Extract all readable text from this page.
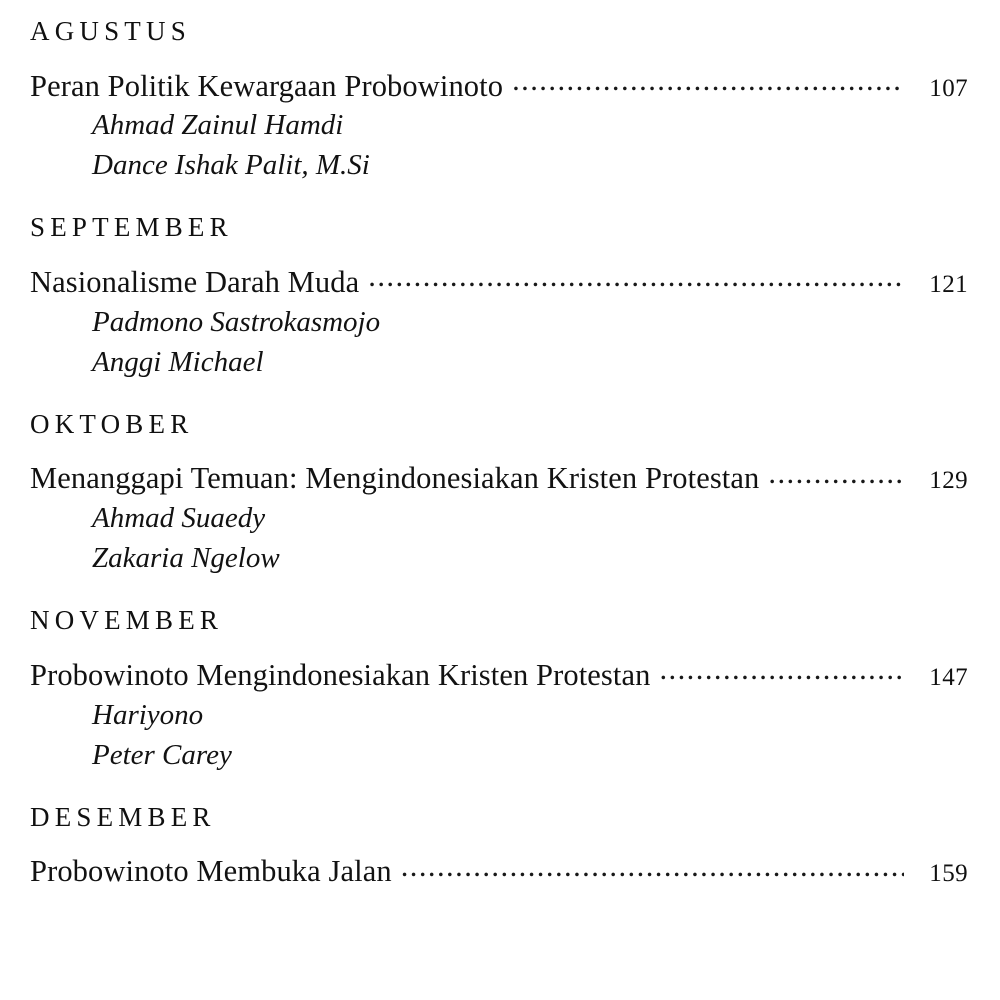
AGUSTUS
Peran Politik Kewargaan Probowinoto .....	107

Ahmad Zainul Hamdi

Dance Ishak Palit, M.Si

SEPTEMBER
Nasionalisme Darah Muda .....	121

Padmono Sastrokasmojo

Anggi Michael

OKTOBER
Menanggapi Temuan: Mengindonesiakan Kristen Protestan .....	129

Ahmad Suaedy

Zakaria Ngelow

NOVEMBER
Probowinoto Mengindonesiakan Kristen Protestan .....	147

Hariyono

Peter Carey

DESEMBER
Probowinoto Membuka Jalan .....	159
